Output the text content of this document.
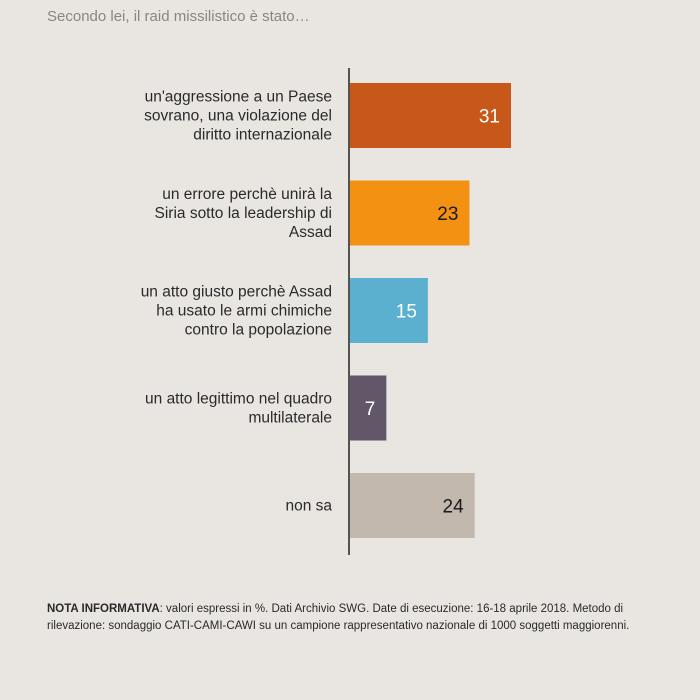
Secondo lei, il raid missilistico è stato…
31
un'aggressione a un Paese sovrano, una violazione del diritto internazionale
23
un errore perchè unirà la Siria sotto la leadership di Assad
15
un atto giusto perchè Assad ha usato le armi chimiche contro la popolazione
7
un atto legittimo nel quadro multilaterale
24
non sa

NOTA INFORMATIVA: valori espressi in %. Dati Archivio SWG. Date di esecuzione: 16-18 aprile 2018. Metodo di rilevazione: sondaggio CATI-CAMI-CAWI su un campione rappresentativo nazionale di 1000 soggetti maggiorenni.
